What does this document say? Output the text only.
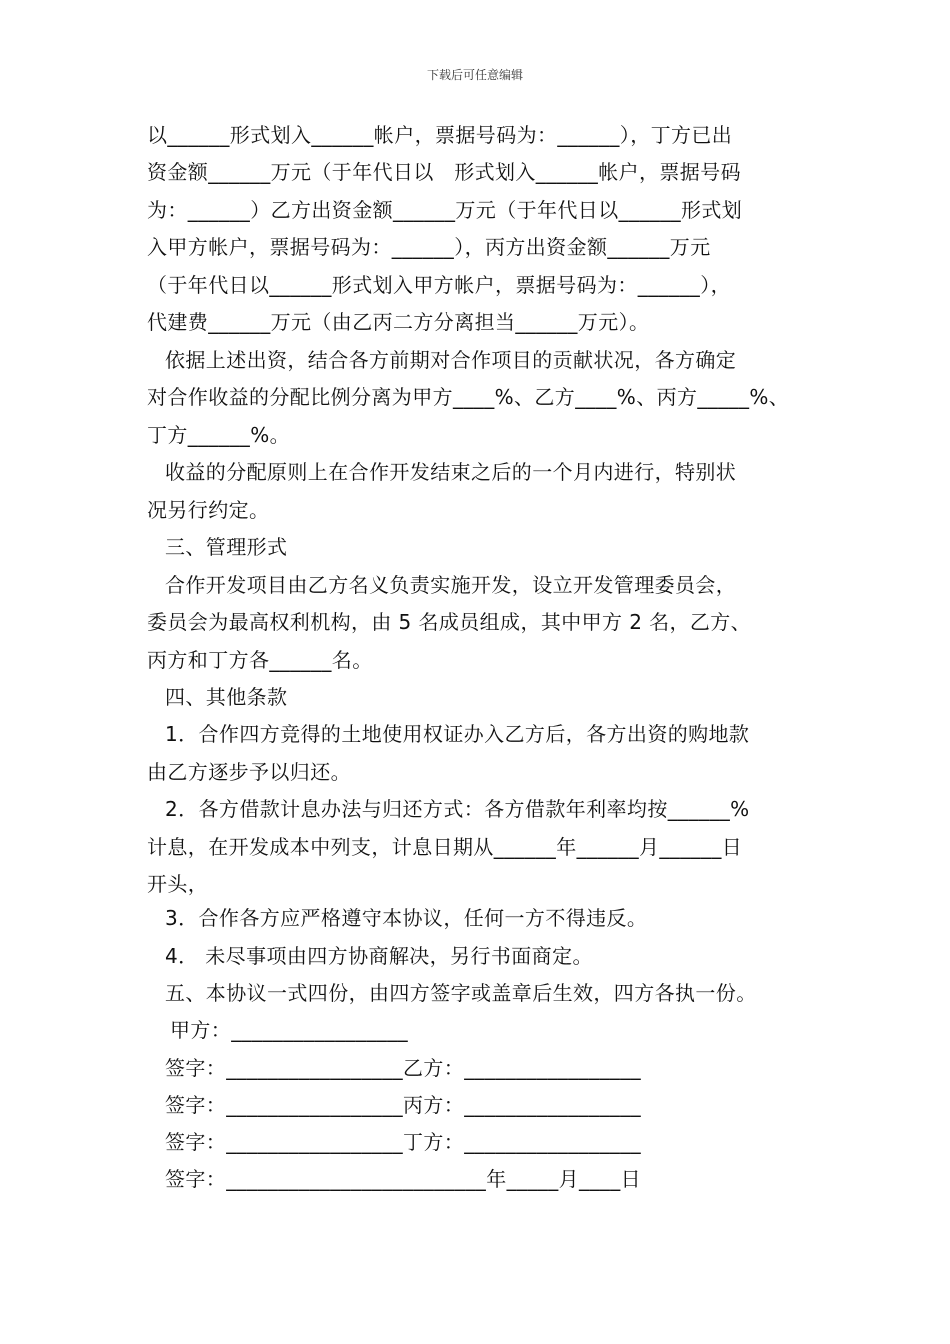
下载后可任意编辑
以______形式划入______帐户，票据号码为：______），丁方已出
资金额______万元（于年代日以　形式划入______帐户，票据号码
为：______）乙方出资金额______万元（于年代日以______形式划
入甲方帐户，票据号码为：______），丙方出资金额______万元
（于年代日以______形式划入甲方帐户，票据号码为：______），
代建费______万元（由乙丙二方分离担当______万元）。
依据上述出资，结合各方前期对合作项目的贡献状况，各方确定
对合作收益的分配比例分离为甲方____%、乙方____%、丙方_____%、
丁方______%。
收益的分配原则上在合作开发结束之后的一个月内进行，特别状
况另行约定。
三、管理形式
合作开发项目由乙方名义负责实施开发，设立开发管理委员会，
委员会为最高权利机构，由 5 名成员组成，其中甲方 2 名，乙方、
丙方和丁方各______名。
四、其他条款
1．合作四方竞得的土地使用权证办入乙方后，各方出资的购地款
由乙方逐步予以归还。
2．各方借款计息办法与归还方式：各方借款年利率均按______%
计息，在开发成本中列支，计息日期从______年______月______日
开头，
3．合作各方应严格遵守本协议，任何一方不得违反。
4． 未尽事项由四方协商解决，另行书面商定。
五、本协议一式四份，由四方签字或盖章后生效，四方各执一份。
甲方：_________________
签字：_________________乙方：_________________
签字：_________________丙方：_________________
签字：_________________丁方：_________________
签字：_________________________年_____月____日
